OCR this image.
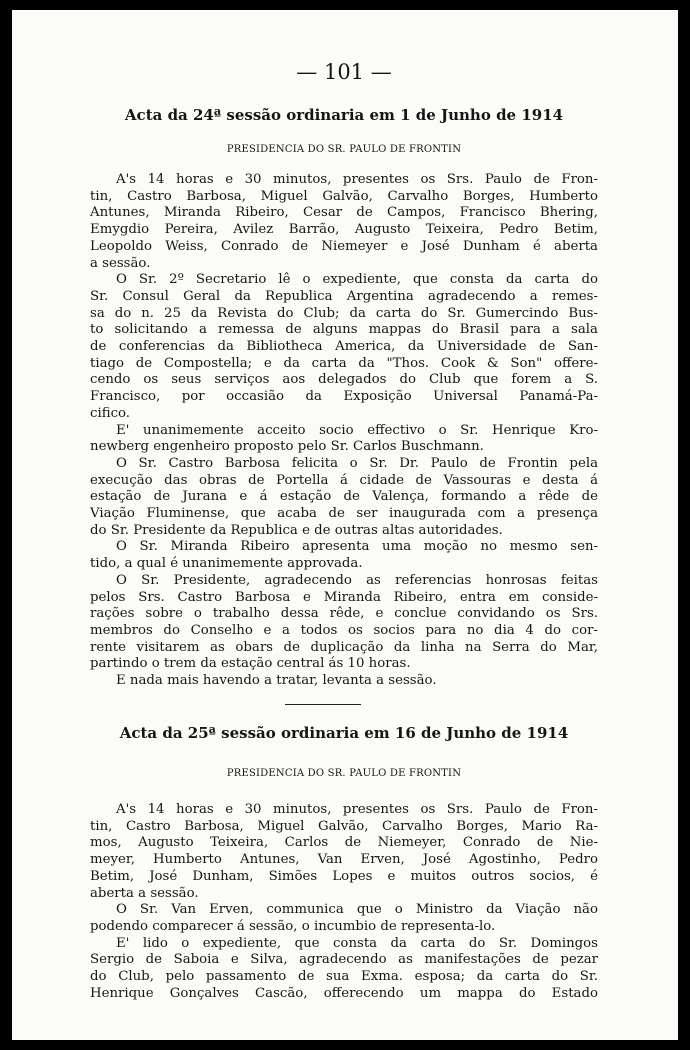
— 101 —
Acta da 24ª sessão ordinaria em 1 de Junho de 1914
PRESIDENCIA DO SR. PAULO DE FRONTIN
A's 14 horas e 30 minutos, presentes os Srs. Paulo de Fron-
tin, Castro Barbosa, Miguel Galvão, Carvalho Borges, Humberto
Antunes, Miranda Ribeiro, Cesar de Campos, Francisco Bhering,
Emygdio Pereira, Avilez Barrão, Augusto Teixeira, Pedro Betim,
Leopoldo Weiss, Conrado de Niemeyer e José Dunham é aberta
a sessão.
O Sr. 2º Secretario lê o expediente, que consta da carta do
Sr. Consul Geral da Republica Argentina agradecendo a remes-
sa do n. 25 da Revista do Club; da carta do Sr. Gumercindo Bus-
to solicitando a remessa de alguns mappas do Brasil para a sala
de conferencias da Bibliotheca America, da Universidade de San-
tiago de Compostella; e da carta da "Thos. Cook & Son" offere-
cendo os seus serviços aos delegados do Club que forem a S.
Francisco, por occasião da Exposição Universal Panamá-Pa-
cifico.
E' unanimemente acceito socio effectivo o Sr. Henrique Kro-
newberg engenheiro proposto pelo Sr. Carlos Buschmann.
O Sr. Castro Barbosa felicita o Sr. Dr. Paulo de Frontin pela
execução das obras de Portella á cidade de Vassouras e desta á
estação de Jurana e á estação de Valença, formando a rêde de
Viação Fluminense, que acaba de ser inaugurada com a presença
do Sr. Presidente da Republica e de outras altas autoridades.
O Sr. Miranda Ribeiro apresenta uma moção no mesmo sen-
tido, a qual é unanimemente approvada.
O Sr. Presidente, agradecendo as referencias honrosas feitas
pelos Srs. Castro Barbosa e Miranda Ribeiro, entra em conside-
rações sobre o trabalho dessa rêde, e conclue convidando os Srs.
membros do Conselho e a todos os socios para no dia 4 do cor-
rente visitarem as obars de duplicação da linha na Serra do Mar,
partindo o trem da estação central ás 10 horas.
E nada mais havendo a tratar, levanta a sessão.
Acta da 25ª sessão ordinaria em 16 de Junho de 1914
PRESIDENCIA DO SR. PAULO DE FRONTIN
A's 14 horas e 30 minutos, presentes os Srs. Paulo de Fron-
tin, Castro Barbosa, Miguel Galvão, Carvalho Borges, Mario Ra-
mos, Augusto Teixeira, Carlos de Niemeyer, Conrado de Nie-
meyer, Humberto Antunes, Van Erven, José Agostinho, Pedro
Betim, José Dunham, Simões Lopes e muitos outros socios, é
aberta a sessão.
O Sr. Van Erven, communica que o Ministro da Viação não
podendo comparecer á sessão, o incumbio de representa-lo.
E' lido o expediente, que consta da carta do Sr. Domingos
Sergio de Saboia e Silva, agradecendo as manifestações de pezar
do Club, pelo passamento de sua Exma. esposa; da carta do Sr.
Henrique Gonçalves Cascão, offerecendo um mappa do Estado
